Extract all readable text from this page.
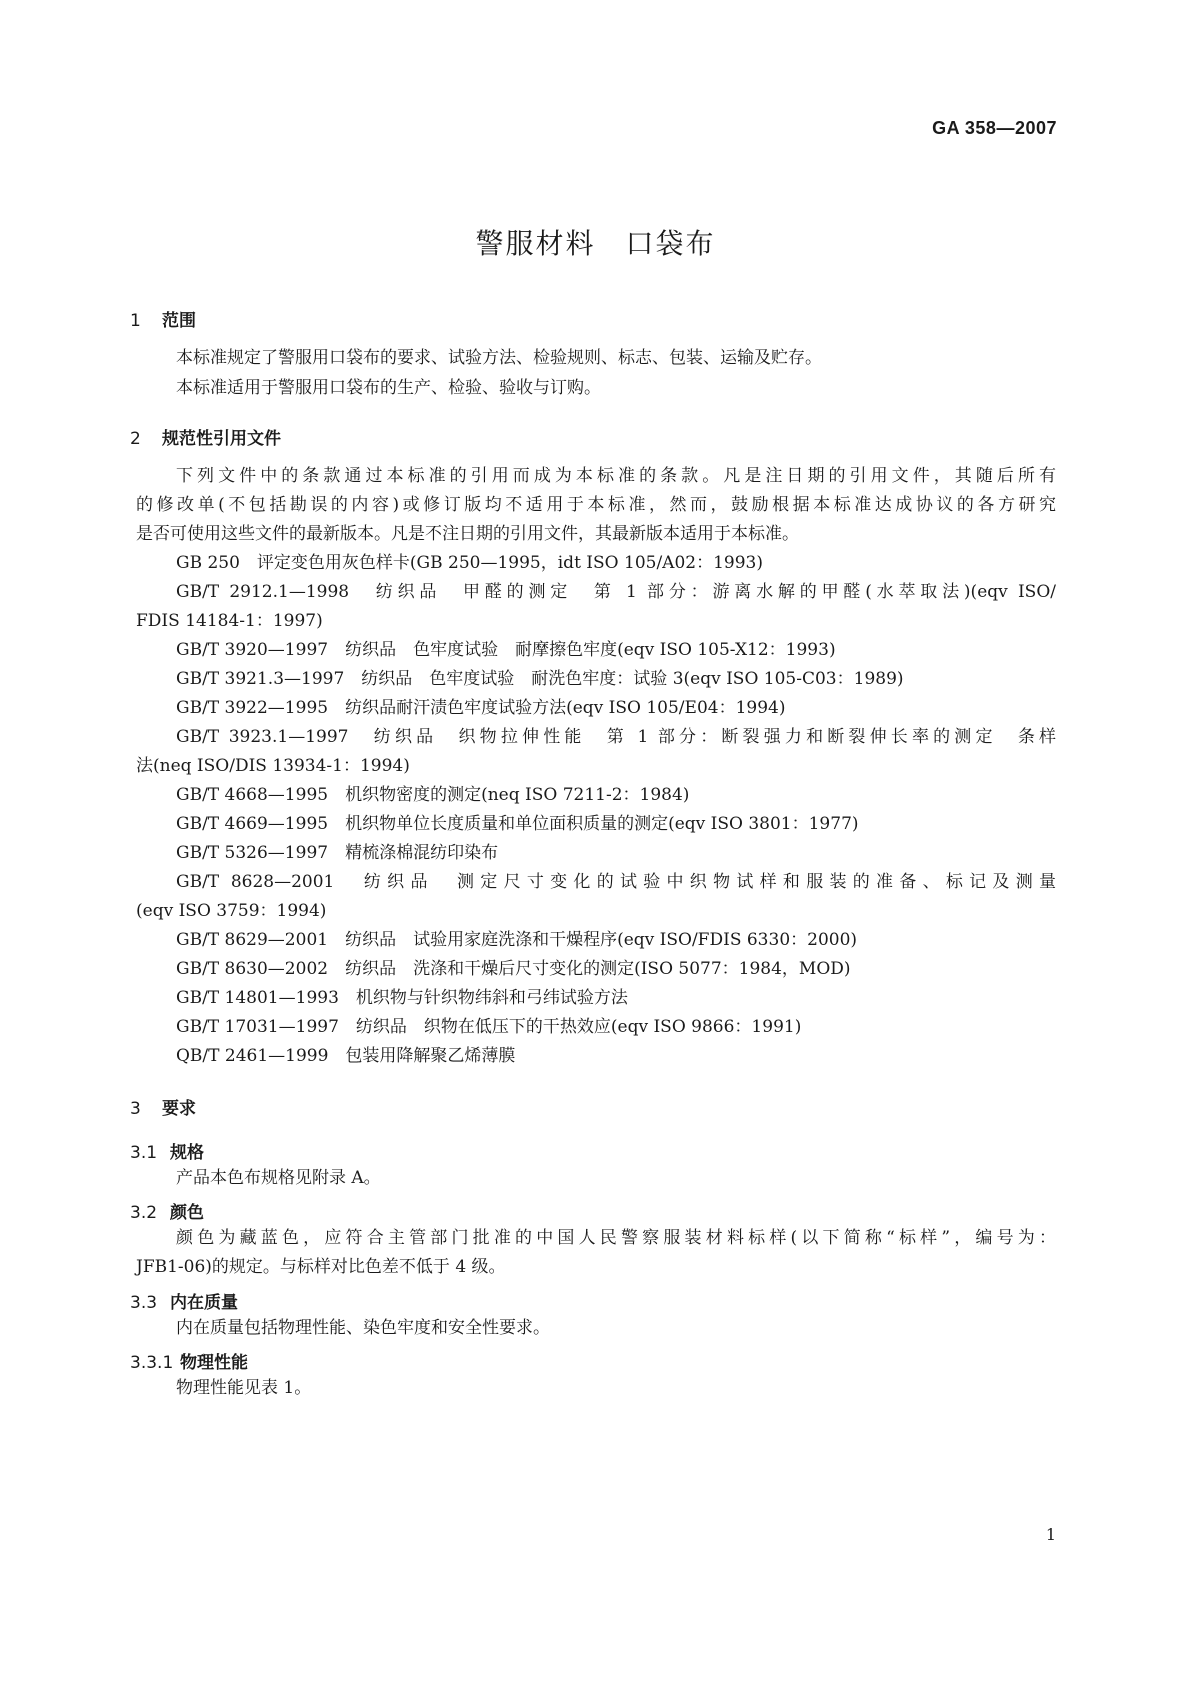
GA 358—2007
警服材料　口袋布
1 范围
本标准规定了警服用口袋布的要求、试验方法、检验规则、标志、包装、运输及贮存。
本标准适用于警服用口袋布的生产、检验、验收与订购。
2 规范性引用文件
下列文件中的条款通过本标准的引用而成为本标准的条款。凡是注日期的引用文件，其随后所有
的修改单(不包括勘误的内容)或修订版均不适用于本标准，然而，鼓励根据本标准达成协议的各方研究
是否可使用这些文件的最新版本。凡是不注日期的引用文件，其最新版本适用于本标准。
GB 250　评定变色用灰色样卡(GB 250—1995，idt ISO 105/A02：1993)
GB/T 2912.1—1998　纺织品　甲醛的测定　第 1 部分：游离水解的甲醛(水萃取法)(eqv ISO/
FDIS 14184-1：1997)
GB/T 3920—1997　纺织品　色牢度试验　耐摩擦色牢度(eqv ISO 105-X12：1993)
GB/T 3921.3—1997　纺织品　色牢度试验　耐洗色牢度：试验 3(eqv ISO 105-C03：1989)
GB/T 3922—1995　纺织品耐汗渍色牢度试验方法(eqv ISO 105/E04：1994)
GB/T 3923.1—1997　纺织品　织物拉伸性能　第 1 部分：断裂强力和断裂伸长率的测定　条样
法(neq ISO/DIS 13934-1：1994)
GB/T 4668—1995　机织物密度的测定(neq ISO 7211-2：1984)
GB/T 4669—1995　机织物单位长度质量和单位面积质量的测定(eqv ISO 3801：1977)
GB/T 5326—1997　精梳涤棉混纺印染布
GB/T 8628—2001　纺织品　测定尺寸变化的试验中织物试样和服装的准备、标记及测量
(eqv ISO 3759：1994)
GB/T 8629—2001　纺织品　试验用家庭洗涤和干燥程序(eqv ISO/FDIS 6330：2000)
GB/T 8630—2002　纺织品　洗涤和干燥后尺寸变化的测定(ISO 5077：1984，MOD)
GB/T 14801—1993　机织物与针织物纬斜和弓纬试验方法
GB/T 17031—1997　纺织品　织物在低压下的干热效应(eqv ISO 9866：1991)
QB/T 2461—1999　包装用降解聚乙烯薄膜
3 要求
3.1 规格
产品本色布规格见附录 A。
3.2 颜色
颜色为藏蓝色，应符合主管部门批准的中国人民警察服装材料标样(以下简称“标样”，编号为：
JFB1-06)的规定。与标样对比色差不低于 4 级。
3.3 内在质量
内在质量包括物理性能、染色牢度和安全性要求。
3.3.1 物理性能
物理性能见表 1。
1
